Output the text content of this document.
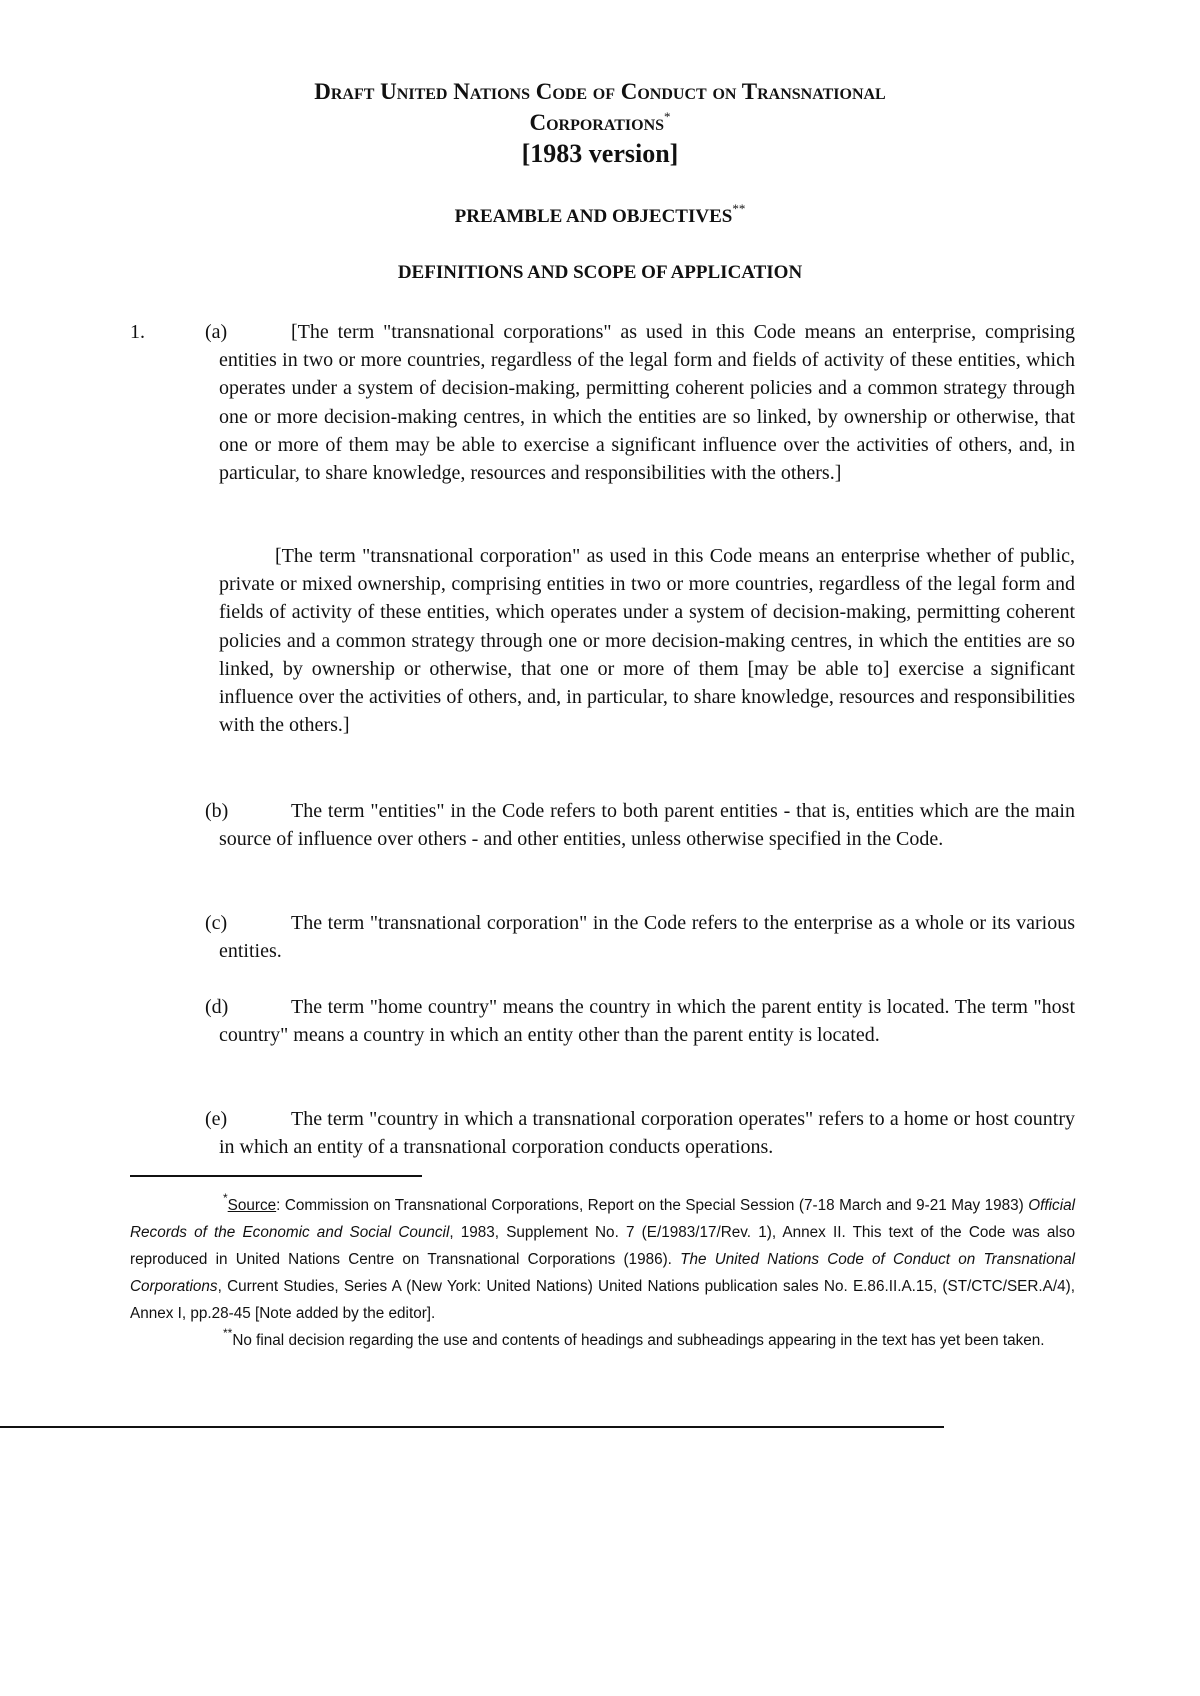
Draft United Nations Code of Conduct on Transnational
Corporations*
[1983 version]
PREAMBLE AND OBJECTIVES**
DEFINITIONS AND SCOPE OF APPLICATION
1.	(a)	[The term "transnational corporations" as used in this Code means an enterprise, comprising entities in two or more countries, regardless of the legal form and fields of activity of these entities, which operates under a system of decision-making, permitting coherent policies and a common strategy through one or more decision-making centres, in which the entities are so linked, by ownership or otherwise, that one or more of them may be able to exercise a significant influence over the activities of others, and, in particular, to share knowledge, resources and responsibilities with the others.]
[The term "transnational corporation" as used in this Code means an enterprise whether of public, private or mixed ownership, comprising entities in two or more countries, regardless of the legal form and fields of activity of these entities, which operates under a system of decision-making, permitting coherent policies and a common strategy through one or more decision-making centres, in which the entities are so linked, by ownership or otherwise, that one or more of them [may be able to] exercise a significant influence over the activities of others, and, in particular, to share knowledge, resources and responsibilities with the others.]
(b)	The term "entities" in the Code refers to both parent entities - that is, entities which are the main source of influence over others - and other entities, unless otherwise specified in the Code.
(c)	The term "transnational corporation" in the Code refers to the enterprise as a whole or its various entities.
(d)	The term "home country" means the country in which the parent entity is located. The term "host country" means a country in which an entity other than the parent entity is located.
(e)	The term "country in which a transnational corporation operates" refers to a home or host country in which an entity of a transnational corporation conducts operations.

*Source: Commission on Transnational Corporations, Report on the Special Session (7-18 March and 9-21 May 1983) Official Records of the Economic and Social Council, 1983, Supplement No. 7 (E/1983/17/Rev. 1), Annex II. This text of the Code was also reproduced in United Nations Centre on Transnational Corporations (1986). The United Nations Code of Conduct on Transnational Corporations, Current Studies, Series A (New York: United Nations) United Nations publication sales No. E.86.II.A.15, (ST/CTC/SER.A/4), Annex I, pp.28-45 [Note added by the editor].

**No final decision regarding the use and contents of headings and subheadings appearing in the text has yet been taken.
